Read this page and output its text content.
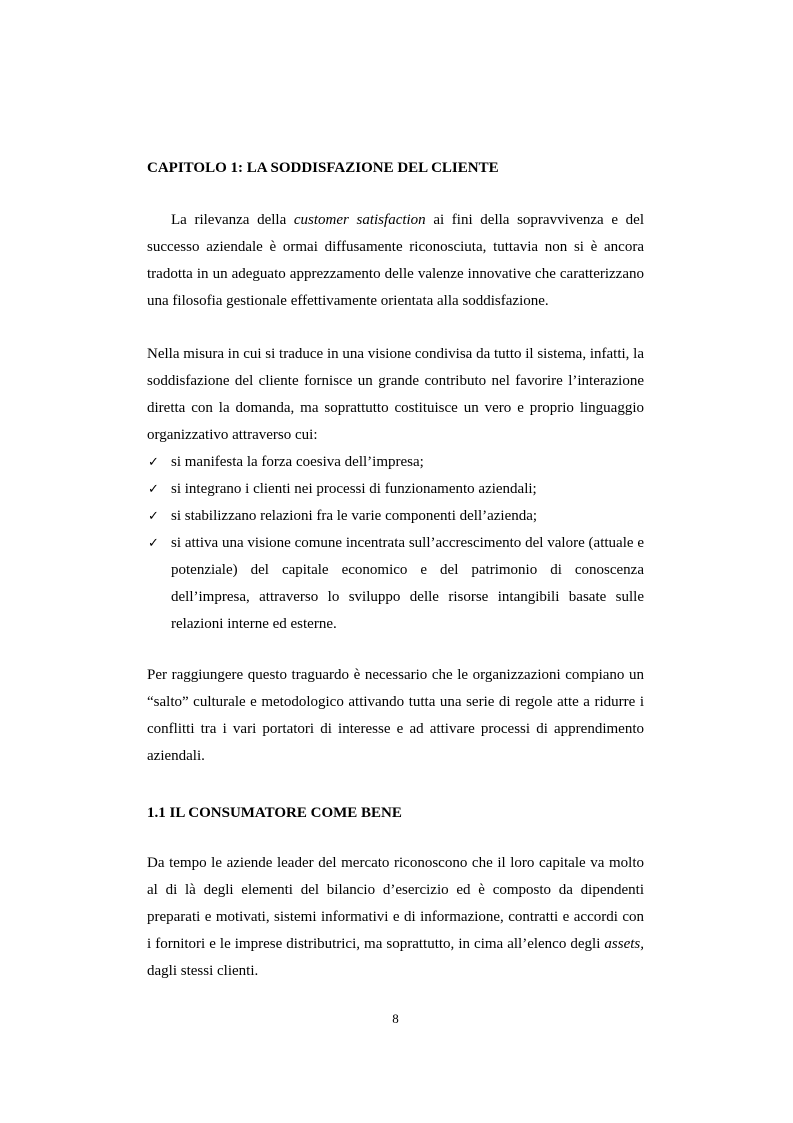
CAPITOLO 1: LA SODDISFAZIONE DEL CLIENTE

La rilevanza della customer satisfaction ai fini della sopravvivenza e del successo aziendale è ormai diffusamente riconosciuta, tuttavia non si è ancora tradotta in un adeguato apprezzamento delle valenze innovative che caratterizzano una filosofia gestionale effettivamente orientata alla soddisfazione.

Nella misura in cui si traduce in una visione condivisa da tutto il sistema, infatti, la soddisfazione del cliente fornisce un grande contributo nel favorire l’interazione diretta con la domanda, ma soprattutto costituisce un vero e proprio linguaggio organizzativo attraverso cui:

✓ si manifesta la forza coesiva dell’impresa;
✓ si integrano i clienti nei processi di funzionamento aziendali;
✓ si stabilizzano relazioni fra le varie componenti dell’azienda;
✓ si attiva una visione comune incentrata sull’accrescimento del valore (attuale e potenziale) del capitale economico e del patrimonio di conoscenza dell’impresa, attraverso lo sviluppo delle risorse intangibili basate sulle relazioni interne ed esterne.

Per raggiungere questo traguardo è necessario che le organizzazioni compiano un “salto” culturale e metodologico attivando tutta una serie di regole atte a ridurre i conflitti tra i vari portatori di interesse e ad attivare processi di apprendimento aziendali.

1.1 IL CONSUMATORE COME BENE

Da tempo le aziende leader del mercato riconoscono che il loro capitale va molto al di là degli elementi del bilancio d’esercizio ed è composto da dipendenti preparati e motivati, sistemi informativi e di informazione, contratti e accordi con i fornitori e le imprese distributrici, ma soprattutto, in cima all’elenco degli assets, dagli stessi clienti.

8
